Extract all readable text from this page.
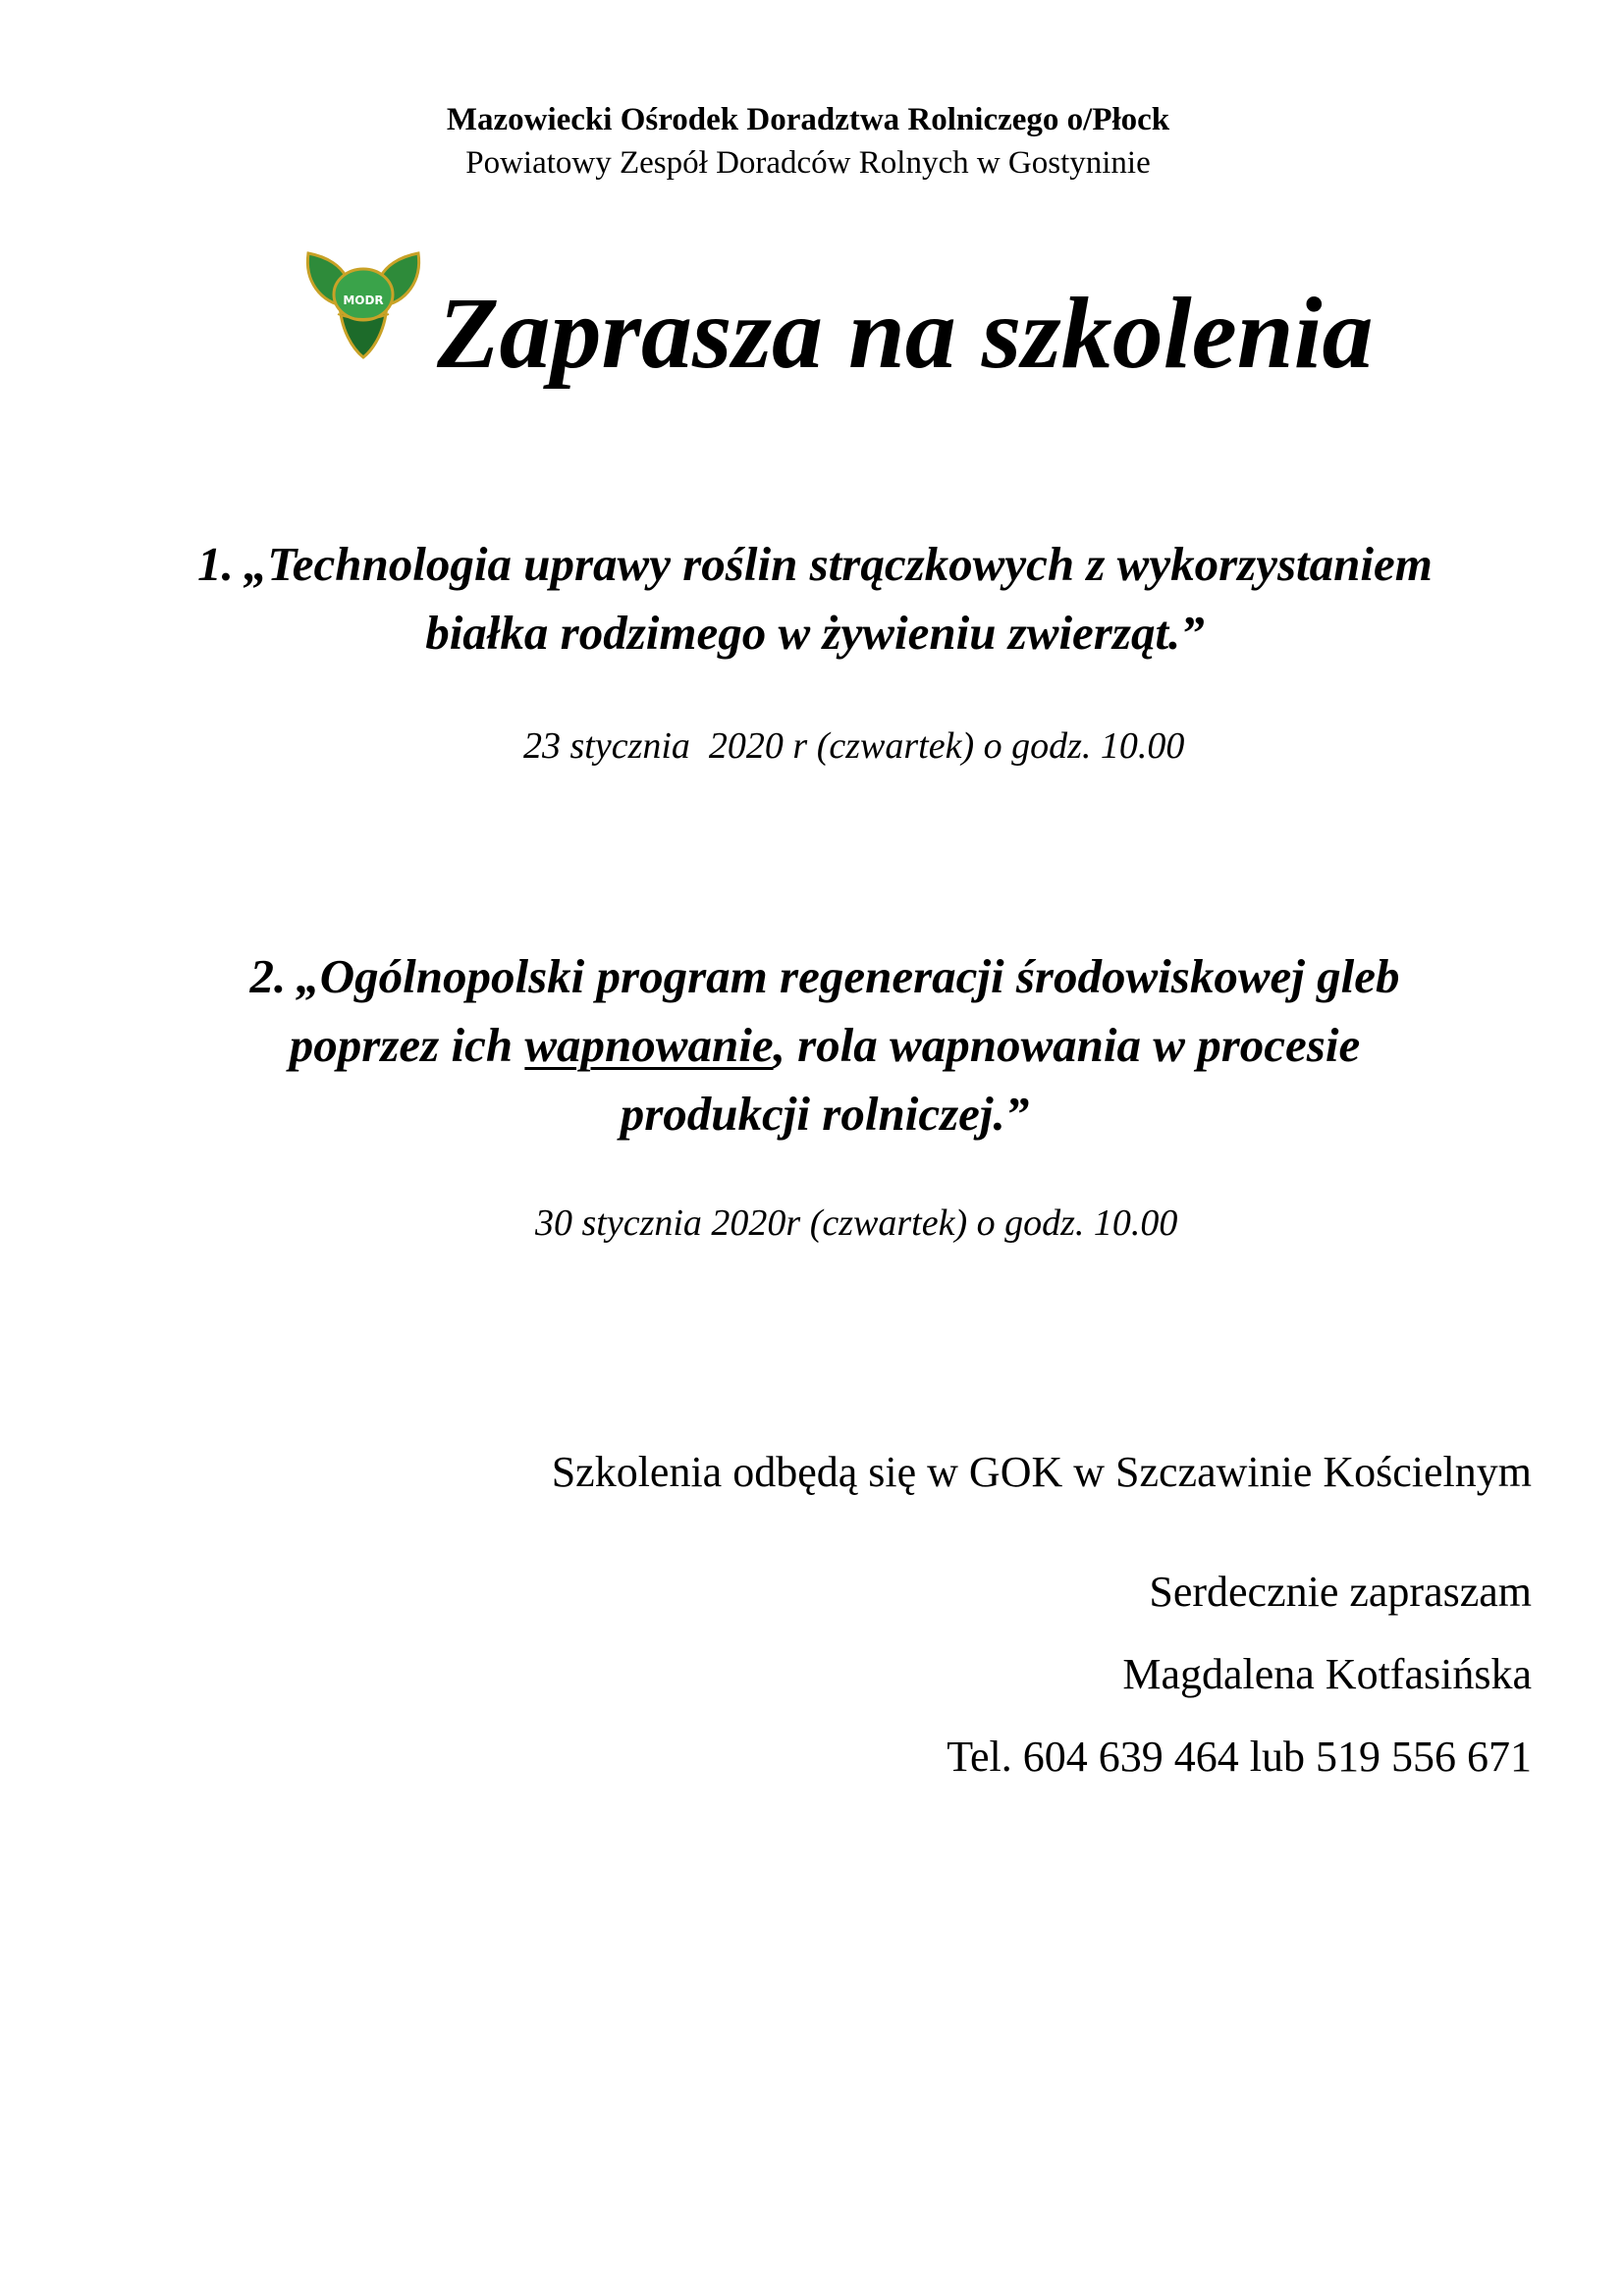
Mazowiecki Ośrodek Doradztwa Rolniczego o/Płock
Powiatowy Zespół Doradców Rolnych w Gostyninie
MODR Zaprasza na szkolenia
1. „Technologia uprawy roślin strączkowych z wykorzystaniem
białka rodzimego w żywieniu zwierząt.”
23 stycznia  2020 r (czwartek) o godz. 10.00
2. „Ogólnopolski program regeneracji środowiskowej gleb
poprzez ich wapnowanie, rola wapnowania w procesie
produkcji rolniczej.”
30 stycznia 2020r (czwartek) o godz. 10.00
Szkolenia odbędą się w GOK w Szczawinie Kościelnym
Serdecznie zapraszam
Magdalena Kotfasińska
Tel. 604 639 464 lub 519 556 671
